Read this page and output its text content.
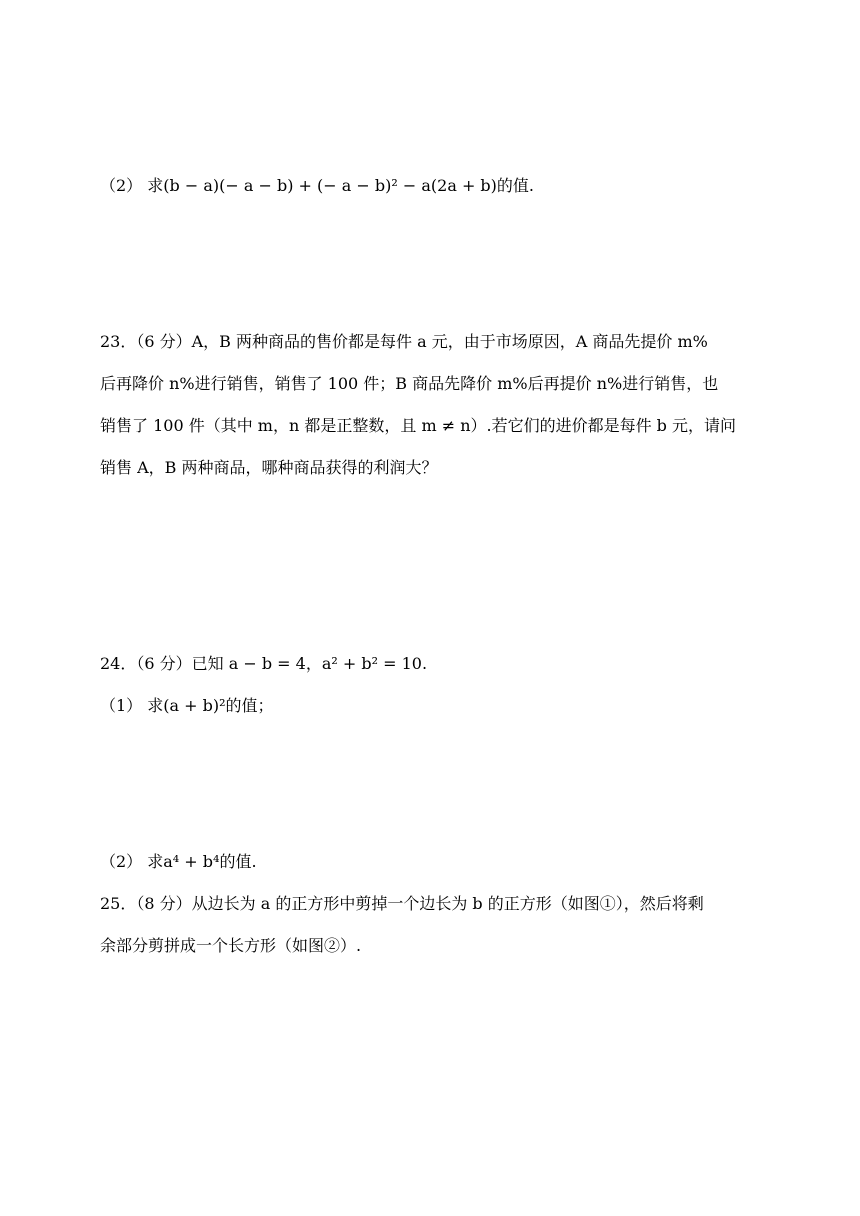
（2） 求(b − a)(− a − b) + (− a − b)² − a(2a + b)的值.
23．（6 分）A，B 两种商品的售价都是每件 a 元，由于市场原因，A 商品先提价 m%
后再降价 n%进行销售，销售了 100 件；B 商品先降价 m%后再提价 n%进行销售，也
销售了 100 件（其中 m，n 都是正整数，且 m ≠ n）.若它们的进价都是每件 b 元，请问
销售 A，B 两种商品，哪种商品获得的利润大？
24．（6 分）已知 a − b = 4，a² + b² = 10.
（1） 求(a + b)²的值；
（2） 求a⁴ + b⁴的值.
25．（8 分）从边长为 a 的正方形中剪掉一个边长为 b 的正方形（如图①），然后将剩
余部分剪拼成一个长方形（如图②）.
